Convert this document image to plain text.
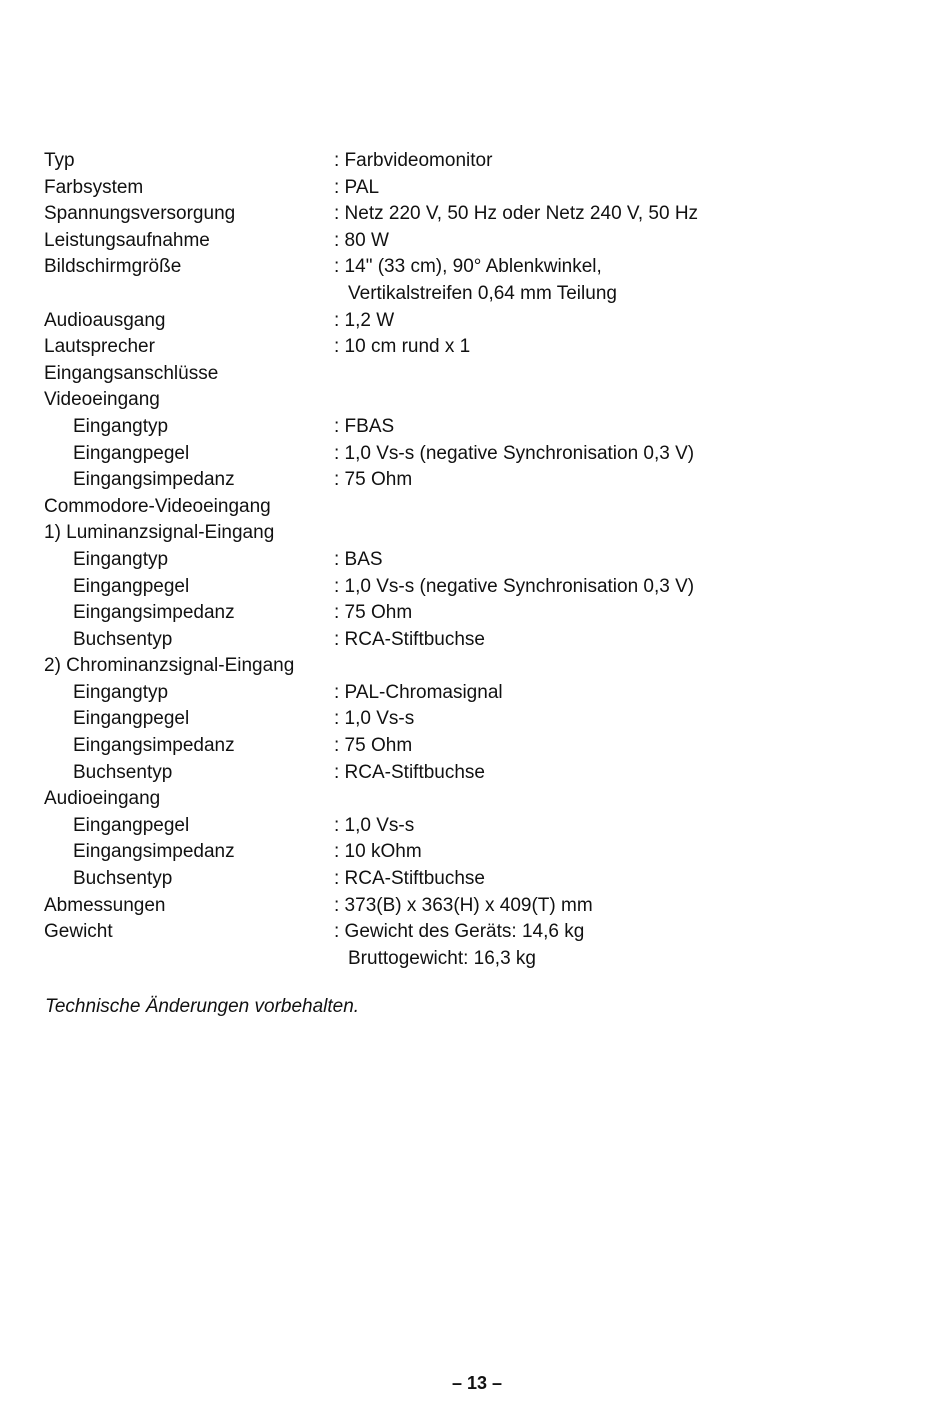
Typ	: Farbvideomonitor
Farbsystem	: PAL
Spannungsversorgung	: Netz 220 V, 50 Hz oder Netz 240 V, 50 Hz
Leistungsaufnahme	: 80 W
Bildschirmgröße	: 14" (33 cm), 90° Ablenkwinkel,
Vertikalstreifen 0,64 mm Teilung
Audioausgang	: 1,2 W
Lautsprecher	: 10 cm rund x 1
Eingangsanschlüsse
Videoeingang
Eingangtyp	: FBAS
Eingangpegel	: 1,0 Vs-s (negative Synchronisation 0,3 V)
Eingangsimpedanz	: 75 Ohm
Commodore-Videoeingang
1) Luminanzsignal-Eingang
Eingangtyp	: BAS
Eingangpegel	: 1,0 Vs-s (negative Synchronisation 0,3 V)
Eingangsimpedanz	: 75 Ohm
Buchsentyp	: RCA-Stiftbuchse
2) Chrominanzsignal-Eingang
Eingangtyp	: PAL-Chromasignal
Eingangpegel	: 1,0 Vs-s
Eingangsimpedanz	: 75 Ohm
Buchsentyp	: RCA-Stiftbuchse
Audioeingang
Eingangpegel	: 1,0 Vs-s
Eingangsimpedanz	: 10 kOhm
Buchsentyp	: RCA-Stiftbuchse
Abmessungen	: 373(B) x 363(H) x 409(T) mm
Gewicht	: Gewicht des Geräts: 14,6 kg
Bruttogewicht: 16,3 kg
Technische Änderungen vorbehalten.
– 13 –
